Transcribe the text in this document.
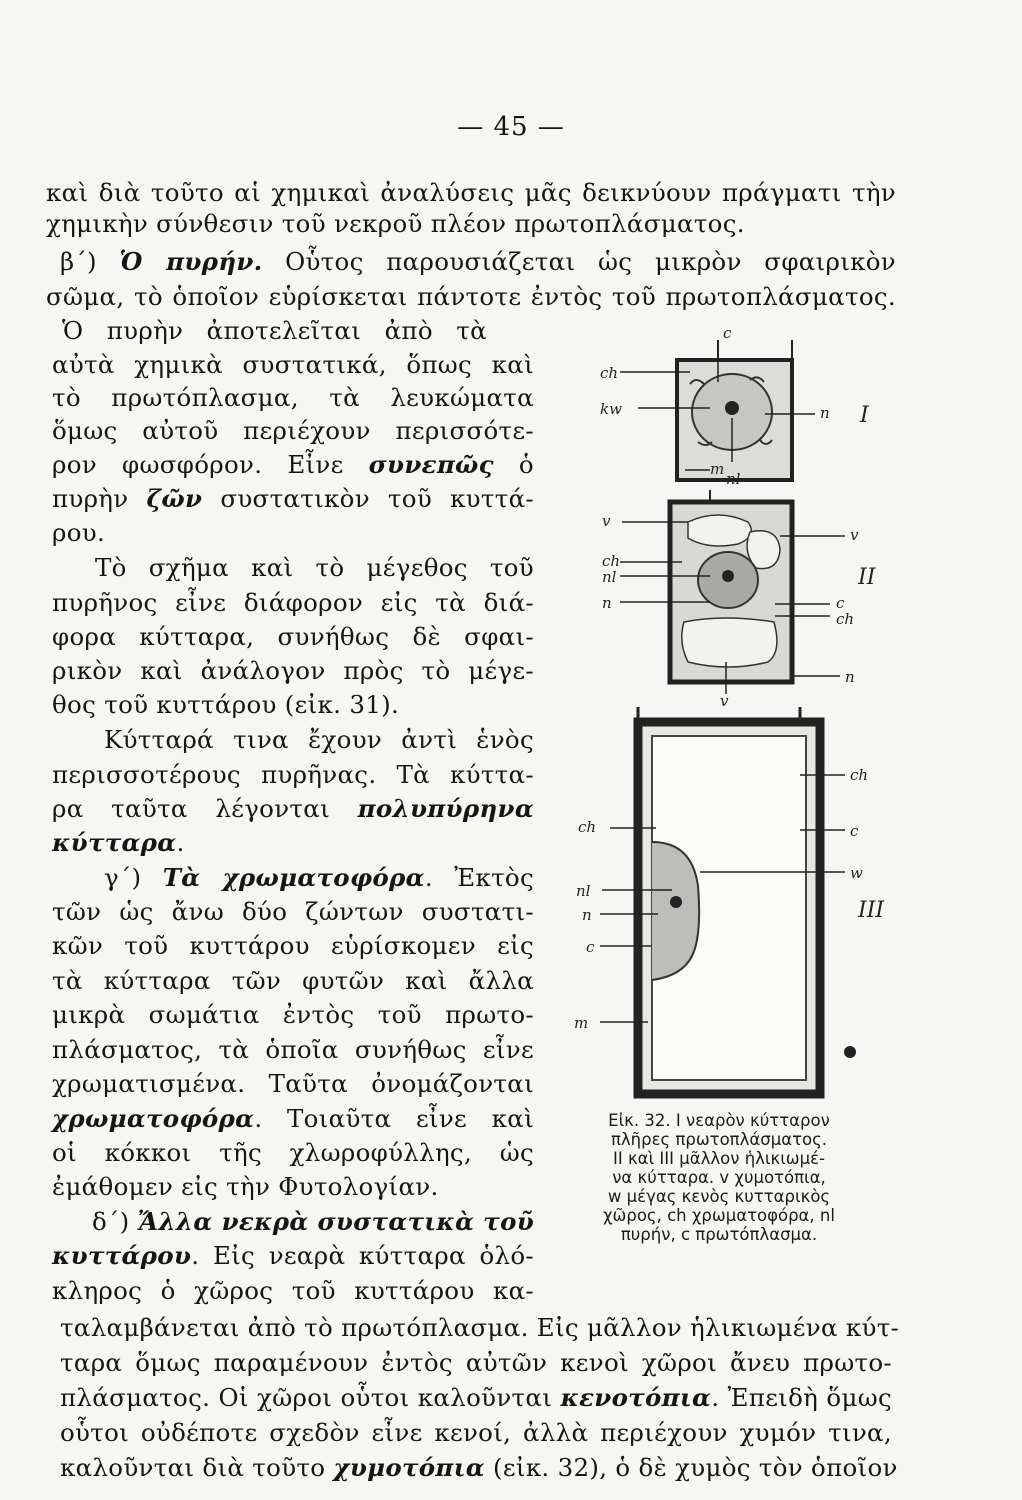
— 45 —
καὶ διὰ τοῦτο αἱ χημικαὶ ἀναλύσεις μᾶς δεικνύουν πράγματι τὴν
χημικὴν σύνθεσιν τοῦ νεκροῦ πλέον πρωτοπλάσματος.
β΄) Ὁ πυρήν. Οὗτος παρουσιάζεται ὡς μικρὸν σφαιρικὸν
σῶμα, τὸ ὁποῖον εὑρίσκεται πάντοτε ἐντὸς τοῦ πρωτοπλάσματος.
Ὁ πυρὴν ἀποτελεῖται ἀπὸ τὰ
αὐτὰ χημικὰ συστατικά, ὅπως καὶ
τὸ πρωτόπλασμα, τὰ λευκώματα
ὅμως αὐτοῦ περιέχουν περισσότε-
ρον φωσφόρον. Εἶνε συνεπῶς ὁ
πυρὴν ζῶν συστατικὸν τοῦ κυττά-
ρου.
Τὸ σχῆμα καὶ τὸ μέγεθος τοῦ
πυρῆνος εἶνε διάφορον εἰς τὰ διά-
φορα κύτταρα, συνήθως δὲ σφαι-
ρικὸν καὶ ἀνάλογον πρὸς τὸ μέγε-
θος τοῦ κυττάρου (εἰκ. 31).
Κύτταρά τινα ἔχουν ἀντὶ ἑνὸς
περισσοτέρους πυρῆνας. Τὰ κύττα-
ρα ταῦτα λέγονται πολυπύρηνα
κύτταρα.
γ΄) Τὰ χρωματοφόρα. Ἐκτὸς
τῶν ὡς ἄνω δύο ζώντων συστατι-
κῶν τοῦ κυττάρου εὑρίσκομεν εἰς
τὰ κύτταρα τῶν φυτῶν καὶ ἄλλα
μικρὰ σωμάτια ἐντὸς τοῦ πρωτο-
πλάσματος, τὰ ὁποῖα συνήθως εἶνε
χρωματισμένα. Ταῦτα ὀνομάζονται
χρωματοφόρα. Τοιαῦτα εἶνε καὶ
οἱ κόκκοι τῆς χλωροφύλλης, ὡς
ἐμάθομεν εἰς τὴν Φυτολογίαν.
δ΄) Ἄλλα νεκρὰ συστατικὰ τοῦ
κυττάρου. Εἰς νεαρὰ κύτταρα ὁλό-
κληρος ὁ χῶρος τοῦ κυττάρου κα-
ταλαμβάνεται ἀπὸ τὸ πρωτόπλασμα. Εἰς μᾶλλον ἡλικιωμένα κύτ-
ταρα ὅμως παραμένουν ἐντὸς αὐτῶν κενοὶ χῶροι ἄνευ πρωτο-
πλάσματος. Οἱ χῶροι οὗτοι καλοῦνται κενοτόπια. Ἐπειδὴ ὅμως
οὗτοι οὐδέποτε σχεδὸν εἶνε κενοί, ἀλλὰ περιέχουν χυμόν τινα,
καλοῦνται διὰ τοῦτο χυμοτόπια (εἰκ. 32), ὁ δὲ χυμὸς τὸν ὁποῖον
c
ch
kw	n I
m
nl
v
ch
nl
n
v
II
c
ch
n
v
ch
ch
c
w
nl
n	III
c
m
Εἰκ. 32. I νεαρὸν κύτταρον
πλῆρες πρωτοπλάσματος.
II καὶ III μᾶλλον ἡλικιωμέ-
να κύτταρα. v χυμοτόπια,
w μέγας κενὸς κυτταρικὸς
χῶρος, ch χρωματοφόρα, nl
πυρήν, c πρωτόπλασμα.
